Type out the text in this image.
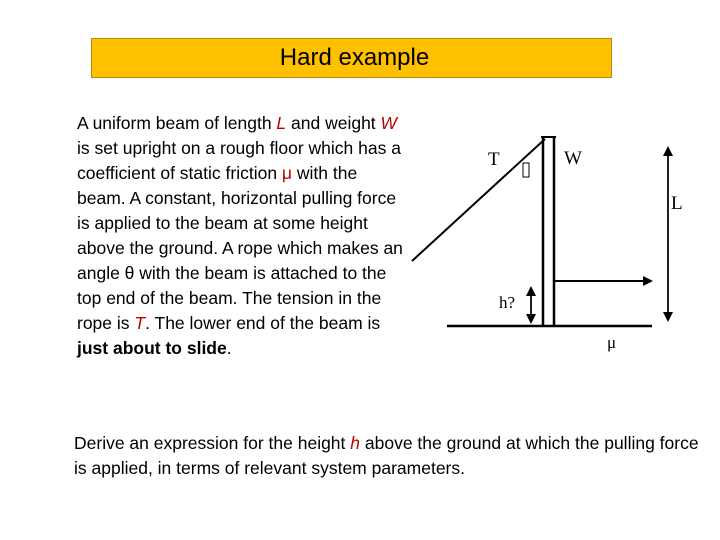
Hard example
A uniform beam of length L and weight W is set upright on a rough floor which has a coefficient of static friction μ with the beam. A constant, horizontal pulling force is applied to the beam at some height above the ground. A rope which makes an angle θ with the beam is attached to the top end of the beam. The tension in the rope is T. The lower end of the beam is just about to slide.
Derive an expression for the height h above the ground at which the pulling force is applied, in terms of relevant system parameters.
T	W
L
h?
μ
